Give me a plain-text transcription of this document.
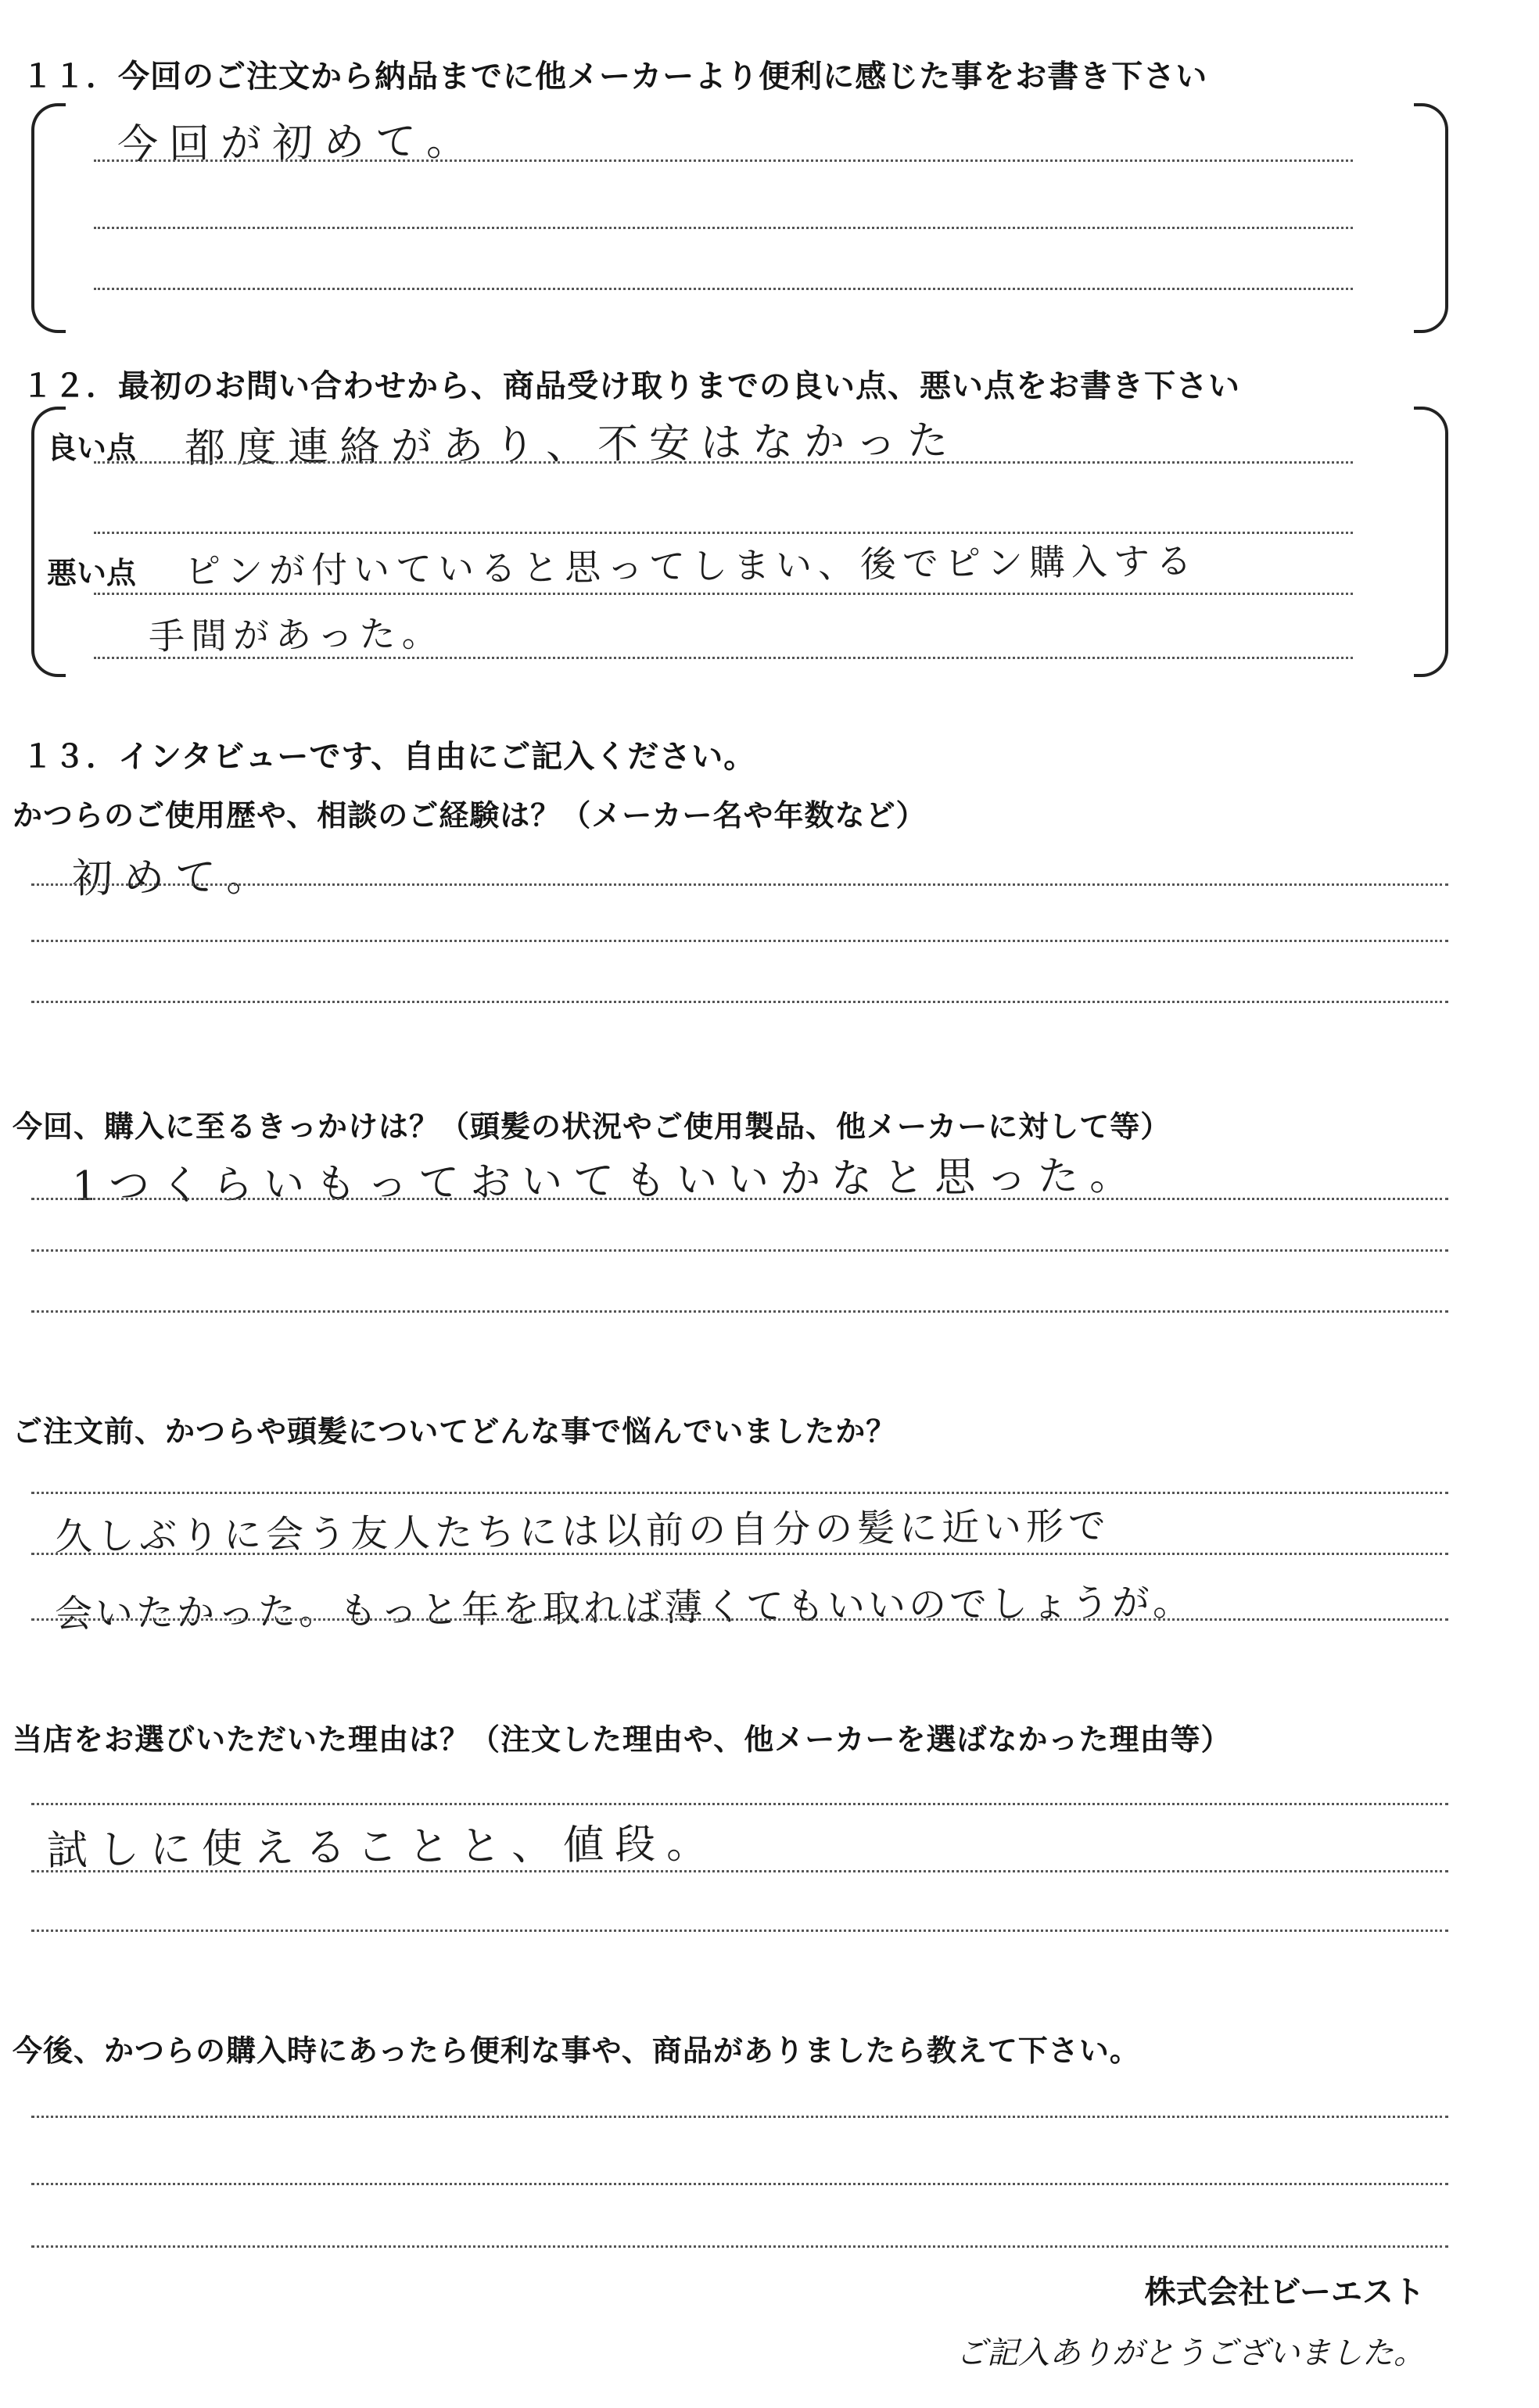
１１．今回のご注文から納品までに他メーカーより便利に感じた事をお書き下さい
今回が初めて。
１２．最初のお問い合わせから、商品受け取りまでの良い点、悪い点をお書き下さい
良い点 都度連絡があり、不安はなかった
悪い点 ピンが付いていると思ってしまい、後でピン購入する
手間があった。
１３．インタビューです、自由にご記入ください。
かつらのご使用歴や、相談のご経験は？（メーカー名や年数など）
初めて。
今回、購入に至るきっかけは？（頭髪の状況やご使用製品、他メーカーに対して等）
1つくらいもっておいてもいいかなと思った。
ご注文前、かつらや頭髪についてどんな事で悩んでいましたか？
久しぶりに会う友人たちには以前の自分の髪に近い形で
会いたかった。もっと年を取れば薄くてもいいのでしょうが。
当店をお選びいただいた理由は？（注文した理由や、他メーカーを選ばなかった理由等）
試しに使えることと、値段。
今後、かつらの購入時にあったら便利な事や、商品がありましたら教えて下さい。
株式会社ビーエスト
ご記入ありがとうございました。
